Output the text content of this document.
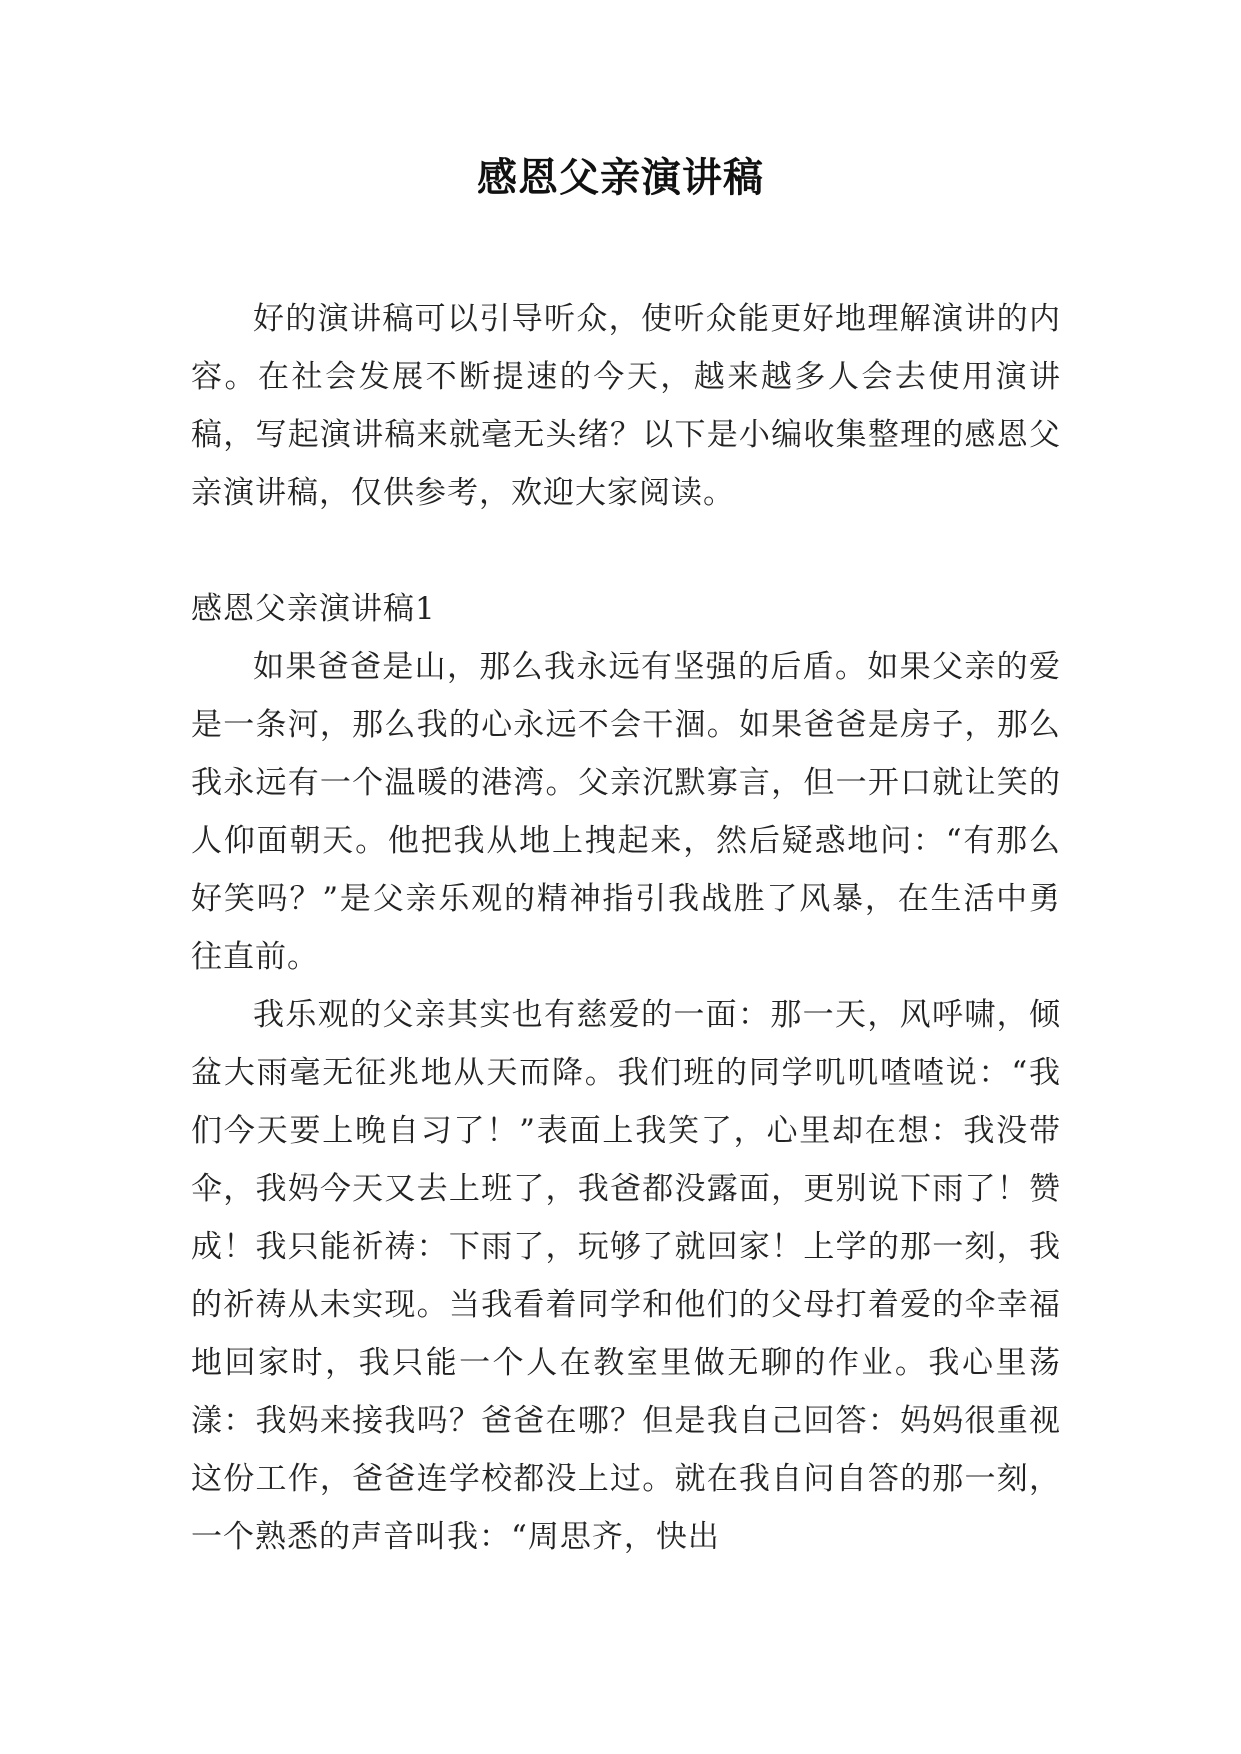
感恩父亲演讲稿

好的演讲稿可以引导听众，使听众能更好地理解演讲的内容。在社会发展不断提速的今天，越来越多人会去使用演讲稿，写起演讲稿来就毫无头绪？以下是小编收集整理的感恩父亲演讲稿，仅供参考，欢迎大家阅读。

感恩父亲演讲稿1

如果爸爸是山，那么我永远有坚强的后盾。如果父亲的爱是一条河，那么我的心永远不会干涸。如果爸爸是房子，那么我永远有一个温暖的港湾。父亲沉默寡言，但一开口就让笑的人仰面朝天。他把我从地上拽起来，然后疑惑地问：“有那么好笑吗？”是父亲乐观的精神指引我战胜了风暴，在生活中勇往直前。

我乐观的父亲其实也有慈爱的一面：那一天，风呼啸，倾盆大雨毫无征兆地从天而降。我们班的同学叽叽喳喳说：“我们今天要上晚自习了！”表面上我笑了，心里却在想：我没带伞，我妈今天又去上班了，我爸都没露面，更别说下雨了！赞成！我只能祈祷：下雨了，玩够了就回家！上学的那一刻，我的祈祷从未实现。当我看着同学和他们的父母打着爱的伞幸福地回家时，我只能一个人在教室里做无聊的作业。我心里荡漾：我妈来接我吗？爸爸在哪？但是我自己回答：妈妈很重视这份工作，爸爸连学校都没上过。就在我自问自答的那一刻，一个熟悉的声音叫我：“周思齐，快出
